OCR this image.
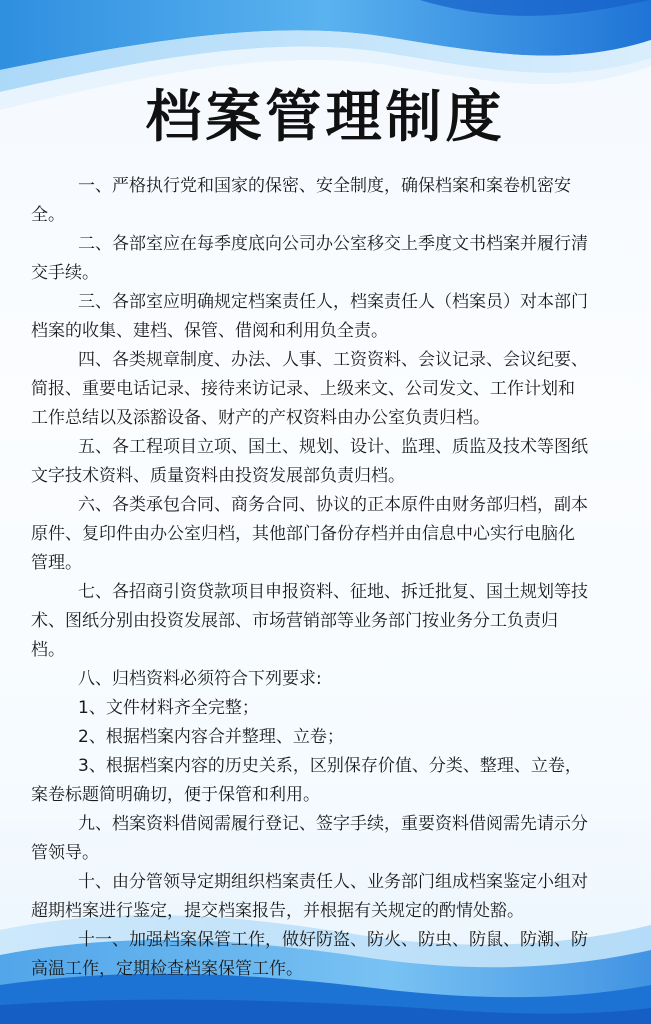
档案管理制度

一、严格执行党和国家的保密、安全制度，确保档案和案卷机密安全。

二、各部室应在每季度底向公司办公室移交上季度文书档案并履行清交手续。

三、各部室应明确规定档案责任人，档案责任人（档案员）对本部门档案的收集、建档、保管、借阅和利用负全责。

四、各类规章制度、办法、人事、工资资料、会议记录、会议纪要、简报、重要电话记录、接待来访记录、上级来文、公司发文、工作计划和工作总结以及添豁设备、财产的产权资料由办公室负责归档。

五、各工程项目立项、国土、规划、设计、监理、质监及技术等图纸文字技术资料、质量资料由投资发展部负责归档。

六、各类承包合同、商务合同、协议的正本原件由财务部归档，副本原件、复印件由办公室归档，其他部门备份存档并由信息中心实行电脑化管理。

七、各招商引资贷款项目申报资料、征地、拆迁批复、国土规划等技术、图纸分别由投资发展部、市场营销部等业务部门按业务分工负责归档。

八、归档资料必须符合下列要求:

1、文件材料齐全完整；

2、根据档案内容合并整理、立卷；

3、根据档案内容的历史关系，区别保存价值、分类、整理、立卷，案卷标题简明确切，便于保管和利用。

九、档案资料借阅需履行登记、签字手续，重要资料借阅需先请示分管领导。

十、由分管领导定期组织档案责任人、业务部门组成档案鉴定小组对超期档案进行鉴定，提交档案报告，并根据有关规定的酌情处豁。

十一、加强档案保管工作，做好防盗、防火、防虫、防鼠、防潮、防高温工作，定期检查档案保管工作。
